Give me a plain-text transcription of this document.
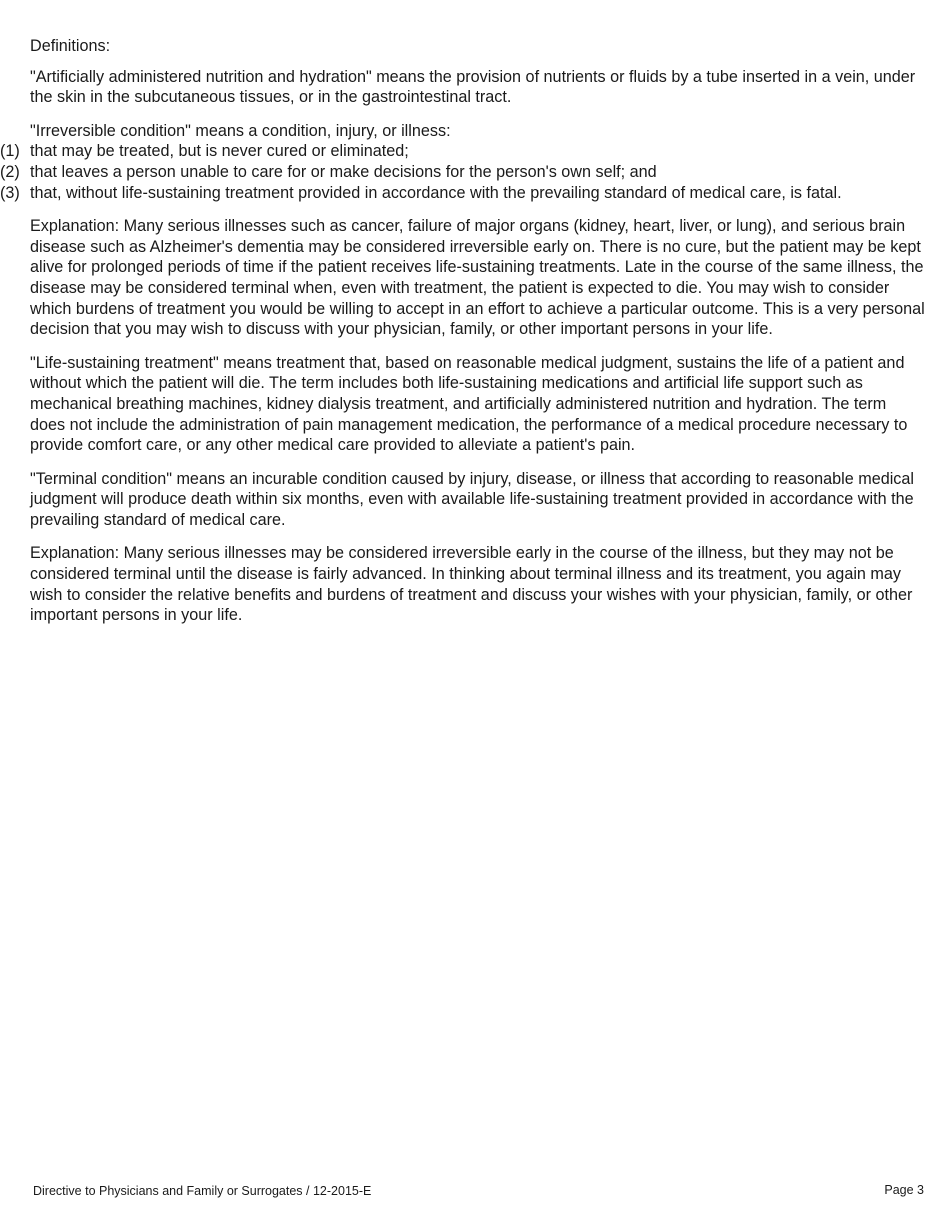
Definitions:

"Artificially administered nutrition and hydration" means the provision of nutrients or fluids by a tube inserted in a vein, under the skin in the subcutaneous tissues, or in the gastrointestinal tract.

"Irreversible condition" means a condition, injury, or illness:

(1) that may be treated, but is never cured or eliminated;
(2) that leaves a person unable to care for or make decisions for the person's own self; and
(3) that, without life-sustaining treatment provided in accordance with the prevailing standard of medical care, is fatal.

Explanation: Many serious illnesses such as cancer, failure of major organs (kidney, heart, liver, or lung), and serious brain disease such as Alzheimer's dementia may be considered irreversible early on. There is no cure, but the patient may be kept alive for prolonged periods of time if the patient receives life-sustaining treatments. Late in the course of the same illness, the disease may be considered terminal when, even with treatment, the patient is expected to die. You may wish to consider which burdens of treatment you would be willing to accept in an effort to achieve a particular outcome. This is a very personal decision that you may wish to discuss with your physician, family, or other important persons in your life.

"Life-sustaining treatment" means treatment that, based on reasonable medical judgment, sustains the life of a patient and without which the patient will die. The term includes both life-sustaining medications and artificial life support such as mechanical breathing machines, kidney dialysis treatment, and artificially administered nutrition and hydration. The term does not include the administration of pain management medication, the performance of a medical procedure necessary to provide comfort care, or any other medical care provided to alleviate a patient's pain.

"Terminal condition" means an incurable condition caused by injury, disease, or illness that according to reasonable medical judgment will produce death within six months, even with available life-sustaining treatment provided in accordance with the prevailing standard of medical care.

Explanation: Many serious illnesses may be considered irreversible early in the course of the illness, but they may not be considered terminal until the disease is fairly advanced. In thinking about terminal illness and its treatment, you again may wish to consider the relative benefits and burdens of treatment and discuss your wishes with your physician, family, or other important persons in your life.

Directive to Physicians and Family or Surrogates / 12-2015-E	Page 3
